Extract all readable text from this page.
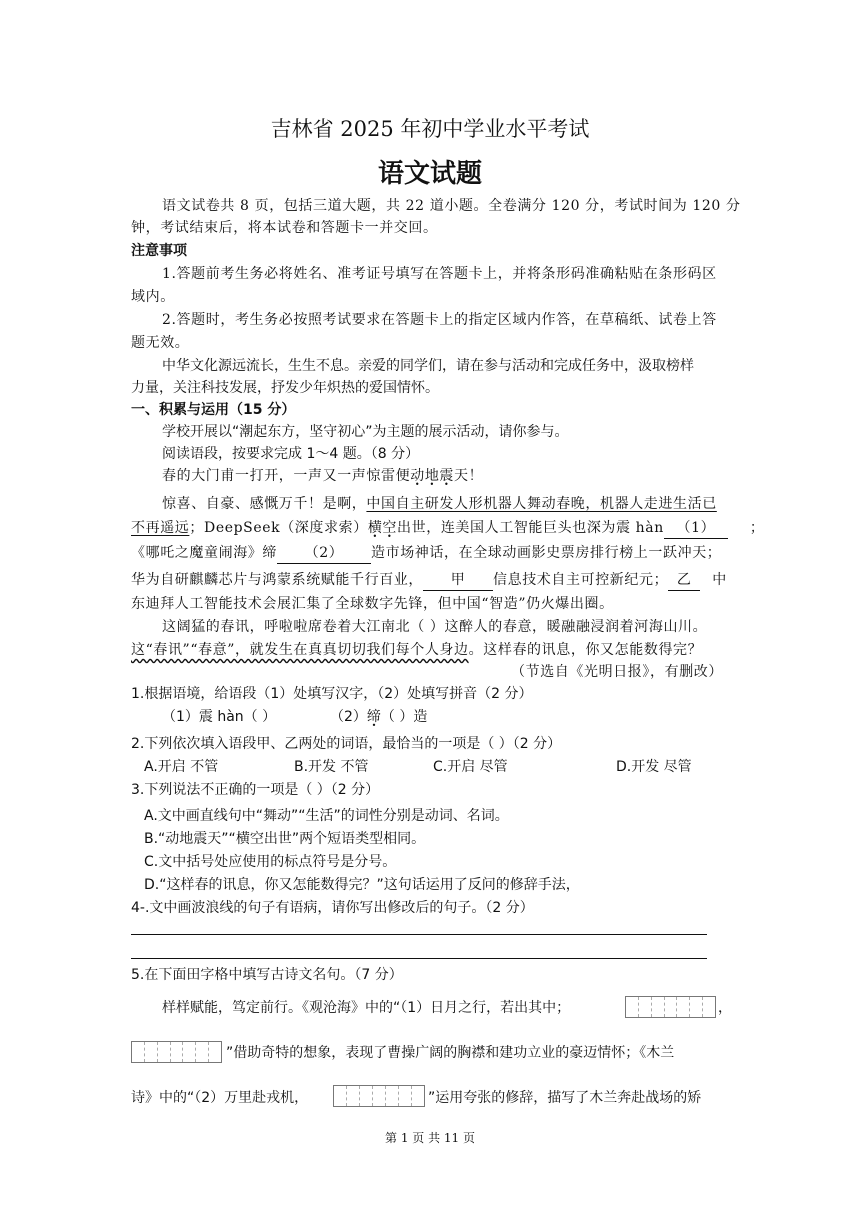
吉林省 2025 年初中学业水平考试
语文试题
语文试卷共 8 页，包括三道大题，共 22 道小题。全卷满分 120 分，考试时间为 120 分
钟，考试结束后，将本试卷和答题卡一并交回。
注意事项
1.答题前考生务必将姓名、准考证号填写在答题卡上，并将条形码准确粘贴在条形码区
域内。
2.答题时，考生务必按照考试要求在答题卡上的指定区域内作答，在草稿纸、试卷上答
题无效。
中华文化源远流长，生生不息。亲爱的同学们，请在参与活动和完成任务中，汲取榜样
力量，关注科技发展，抒发少年炽热的爱国情怀。
一、积累与运用（15 分）
学校开展以“潮起东方，坚守初心”为主题的展示活动，请你参与。
阅读语段，按要求完成 1～4 题。（8 分）
春的大门甫一打开，一声又一声惊雷便动地震天！
惊喜、自豪、感慨万千！是啊，中国自主研发人形机器人舞动春晚，机器人走进生活已
不再遥远；DeepSeek（深度求索）横空出世，连美国人工智能巨头也深为震 hàn （1） ；
《哪吒之魔童闹海》缔 （2） 造市场神话，在全球动画影史票房排行榜上一跃冲天；
华为自研麒麟芯片与鸿蒙系统赋能千行百业， 甲 信息技术自主可控新纪元； 乙 中
东迪拜人工智能技术会展汇集了全球数字先锋，但中国“智造”仍火爆出圈。
这阔猛的春讯，呼啦啦席卷着大江南北（ ）这醉人的春意，暖融融浸润着河海山川。
这“春讯”“春意”，就发生在真真切切我们每个人身边。这样春的讯息，你又怎能数得完？
（节选自《光明日报》，有删改）
1.根据语境，给语段（1）处填写汉字，（2）处填写拼音（2 分）
（1）震 hàn（ ）	（2）缔（ ）造
2.下列依次填入语段甲、乙两处的词语，最恰当的一项是（ ）（2 分）
A.开启 不管	B.开发 不管	C.开启 尽管	D.开发 尽管
3.下列说法不正确的一项是（ ）（2 分）
A.文中画直线句中“舞动”“生活”的词性分别是动词、名词。
B.“动地震天”“横空出世”两个短语类型相同。
C.文中括号处应使用的标点符号是分号。
D.“这样春的讯息，你又怎能数得完？”这句话运用了反问的修辞手法，
4-.文中画波浪线的句子有语病，请你写出修改后的句子。（2 分）
5.在下面田字格中填写古诗文名句。（7 分）
样样赋能，笃定前行。《观沧海》中的“（1）日月之行，若出其中；	，
”借助奇特的想象，表现了曹操广阔的胸襟和建功立业的豪迈情怀；《木兰
诗》中的“（2）万里赴戎机，	”运用夸张的修辞，描写了木兰奔赴战场的矫
第 1 页 共 11 页
